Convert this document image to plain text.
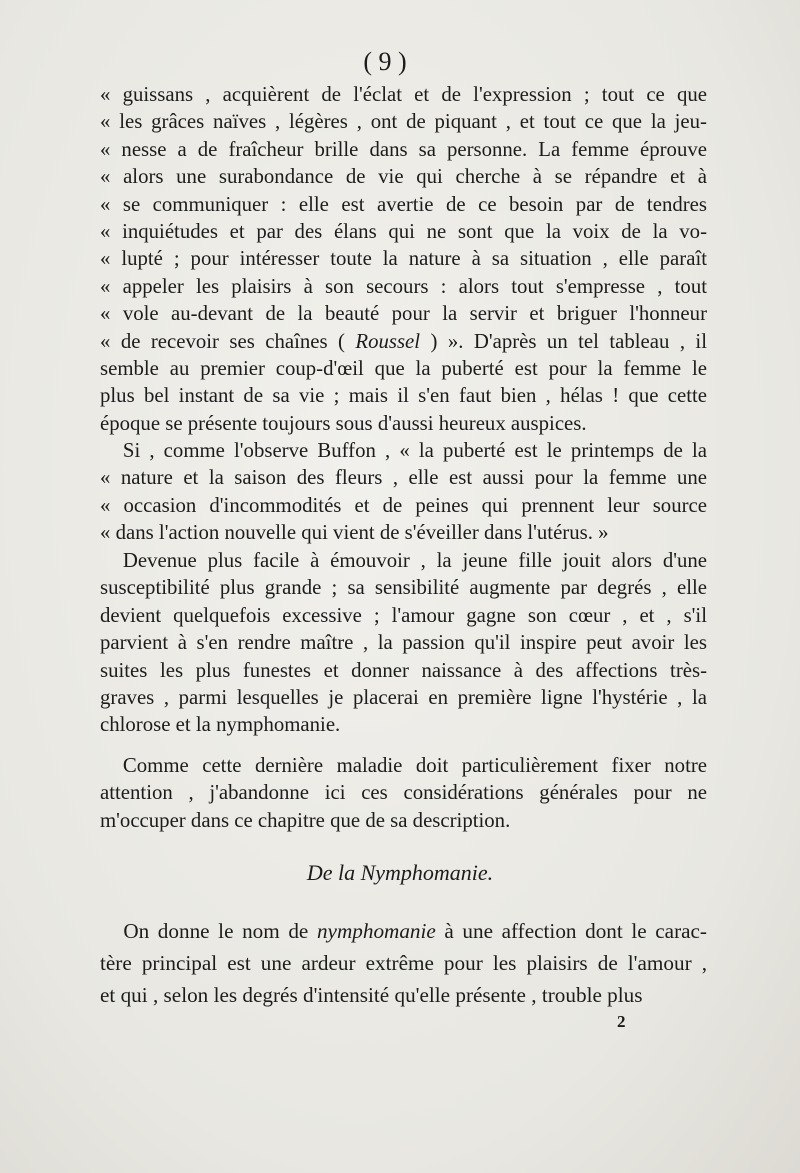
( 9 )
« guissans , acquièrent de l'éclat et de l'expression ; tout ce que
« les grâces naïves , légères , ont de piquant , et tout ce que la jeu-
« nesse a de fraîcheur brille dans sa personne. La femme éprouve
« alors une surabondance de vie qui cherche à se répandre et à
« se communiquer : elle est avertie de ce besoin par de tendres
« inquiétudes et par des élans qui ne sont que la voix de la vo-
« lupté ; pour intéresser toute la nature à sa situation , elle paraît
« appeler les plaisirs à son secours : alors tout s'empresse , tout
« vole au-devant de la beauté pour la servir et briguer l'honneur
« de recevoir ses chaînes ( Roussel ) ». D'après un tel tableau , il
semble au premier coup-d'œil que la puberté est pour la femme le
plus bel instant de sa vie ; mais il s'en faut bien , hélas ! que cette
époque se présente toujours sous d'aussi heureux auspices.
Si , comme l'observe Buffon , « la puberté est le printemps de la
« nature et la saison des fleurs , elle est aussi pour la femme une
« occasion d'incommodités et de peines qui prennent leur source
« dans l'action nouvelle qui vient de s'éveiller dans l'utérus. »
Devenue plus facile à émouvoir , la jeune fille jouit alors d'une
susceptibilité plus grande ; sa sensibilité augmente par degrés , elle
devient quelquefois excessive ; l'amour gagne son cœur , et , s'il
parvient à s'en rendre maître , la passion qu'il inspire peut avoir les
suites les plus funestes et donner naissance à des affections très-
graves , parmi lesquelles je placerai en première ligne l'hystérie , la
chlorose et la nymphomanie.
Comme cette dernière maladie doit particulièrement fixer notre
attention , j'abandonne ici ces considérations générales pour ne
m'occuper dans ce chapitre que de sa description.
De la Nymphomanie.
On donne le nom de nymphomanie à une affection dont le carac-
tère principal est une ardeur extrême pour les plaisirs de l'amour ,
et qui , selon les degrés d'intensité qu'elle présente , trouble plus
2
